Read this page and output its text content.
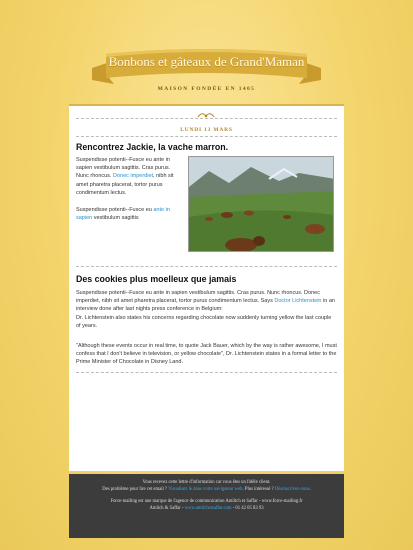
Bonbons et gâteaux de Grand'Maman
MAISON FONDÉE EN 1405
LUNDI 13 MARS
Rencontrez Jackie, la vache marron.
Suspendisse potenti--Fusce eu ante in sapien vestibulum sagittis. Cras purus. Nunc rhoncus. Donec imperdiet, nibh sit amet pharetra placerat, tortor purus condimentum lectus.
Suspendisse potenti--Fusce eu ante in sapien vestibulum sagittis
Des cookies plus moelleux que jamais
Suspendisse potenti--Fusce eu ante in sapien vestibulum sagittis. Cras purus. Nunc rhoncus. Donec imperdiet, nibh sit amet pharetra placerat, tortor purus condimentum lectus. Says Doctor Lichtenstein in an interview done after last nights press conference in Belgium:
Dr. Lichtenstein also states his concerns regarding chocolate now suddenly turning yellow the last couple of years.
"Although these events occur in real time, to quote Jack Bauer, which by the way is rather awesome, I must confess that I don't believe in television, or yellow chocolate", Dr. Lichtenstein states in a formal letter to the Prime Minister of Chocolate in Disney Land.
Vous recevez cette lettre d'information car vous êtes un fidèle client.
Des problème pour lire cet email ? Visualisez le dans votre navigateur web. Plus intéressé ? Désinscrivez-vous.
Force-mailing est une marque de l'agence de communication Amiltch et Saffar - www.force-mailing.fr
Amilch & Saffar - www.amilchetsaffar.com - 01 42 05 83 93
